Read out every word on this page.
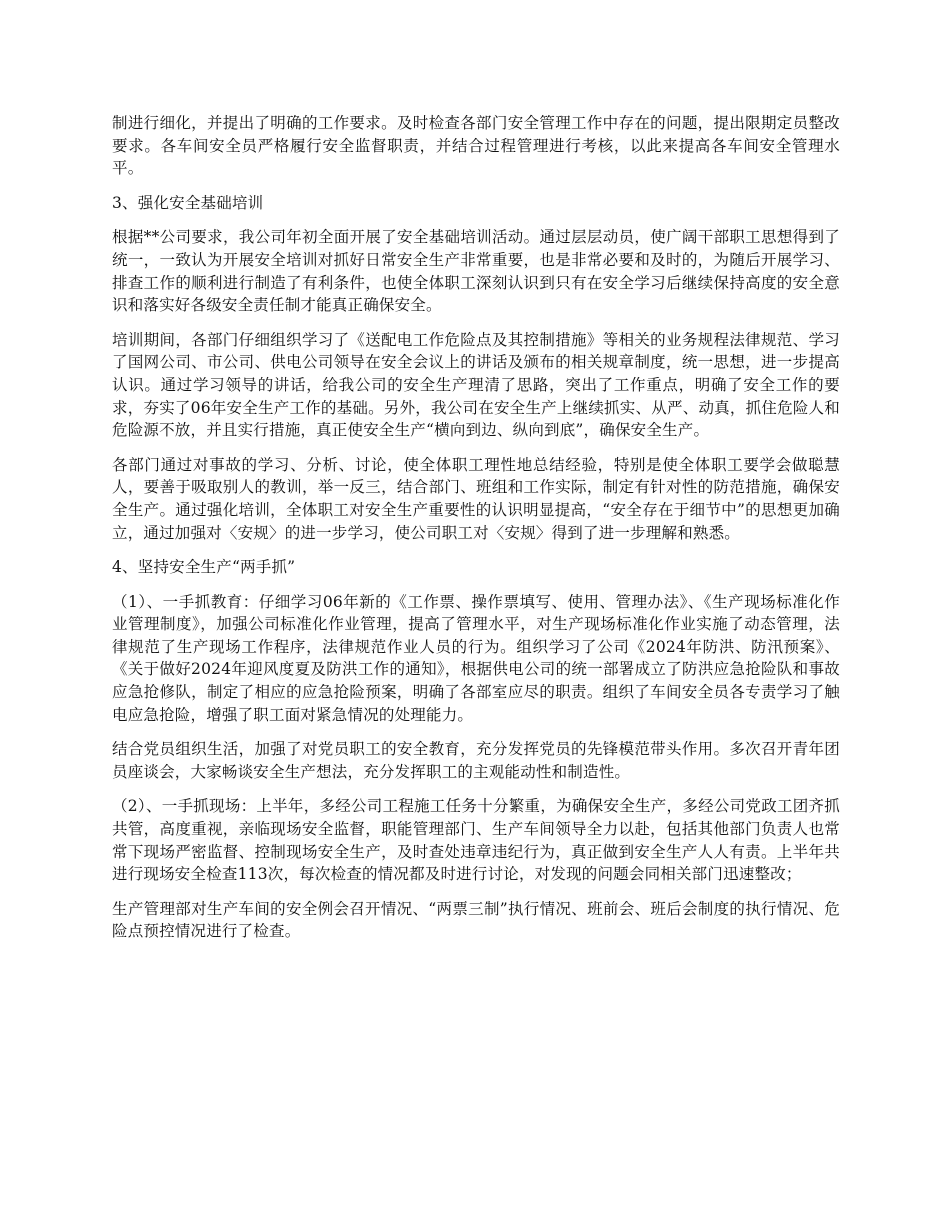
制进行细化，并提出了明确的工作要求。及时检查各部门安全管理工作中存在的问题，提出限期定员整改要求。各车间安全员严格履行安全监督职责，并结合过程管理进行考核，以此来提高各车间安全管理水平。

3、强化安全基础培训

根据**公司要求，我公司年初全面开展了安全基础培训活动。通过层层动员，使广阔干部职工思想得到了统一，一致认为开展安全培训对抓好日常安全生产非常重要，也是非常必要和及时的，为随后开展学习、排查工作的顺利进行制造了有利条件，也使全体职工深刻认识到只有在安全学习后继续保持高度的安全意识和落实好各级安全责任制才能真正确保安全。

培训期间，各部门仔细组织学习了《送配电工作危险点及其控制措施》等相关的业务规程法律规范、学习了国网公司、市公司、供电公司领导在安全会议上的讲话及颁布的相关规章制度，统一思想，进一步提高认识。通过学习领导的讲话，给我公司的安全生产理清了思路，突出了工作重点，明确了安全工作的要求，夯实了06年安全生产工作的基础。另外，我公司在安全生产上继续抓实、从严、动真，抓住危险人和危险源不放，并且实行措施，真正使安全生产“横向到边、纵向到底”，确保安全生产。

各部门通过对事故的学习、分析、讨论，使全体职工理性地总结经验，特别是使全体职工要学会做聪慧人，要善于吸取别人的教训，举一反三，结合部门、班组和工作实际，制定有针对性的防范措施，确保安全生产。通过强化培训，全体职工对安全生产重要性的认识明显提高，“安全存在于细节中”的思想更加确立，通过加强对〈安规〉的进一步学习，使公司职工对〈安规〉得到了进一步理解和熟悉。

4、坚持安全生产“两手抓”

（1）、一手抓教育：仔细学习06年新的《工作票、操作票填写、使用、管理办法》、《生产现场标准化作业管理制度》，加强公司标准化作业管理，提高了管理水平，对生产现场标准化作业实施了动态管理，法律规范了生产现场工作程序，法律规范作业人员的行为。组织学习了公司《2024年防洪、防汛预案》、《关于做好2024年迎风度夏及防洪工作的通知》，根据供电公司的统一部署成立了防洪应急抢险队和事故应急抢修队，制定了相应的应急抢险预案，明确了各部室应尽的职责。组织了车间安全员各专责学习了触电应急抢险，增强了职工面对紧急情况的处理能力。

结合党员组织生活，加强了对党员职工的安全教育，充分发挥党员的先锋模范带头作用。多次召开青年团员座谈会，大家畅谈安全生产想法，充分发挥职工的主观能动性和制造性。

（2）、一手抓现场：上半年，多经公司工程施工任务十分繁重，为确保安全生产，多经公司党政工团齐抓共管，高度重视，亲临现场安全监督，职能管理部门、生产车间领导全力以赴，包括其他部门负责人也常常下现场严密监督、控制现场安全生产，及时查处违章违纪行为，真正做到安全生产人人有责。上半年共进行现场安全检查113次，每次检查的情况都及时进行讨论，对发现的问题会同相关部门迅速整改；

生产管理部对生产车间的安全例会召开情况、“两票三制”执行情况、班前会、班后会制度的执行情况、危险点预控情况进行了检查。
